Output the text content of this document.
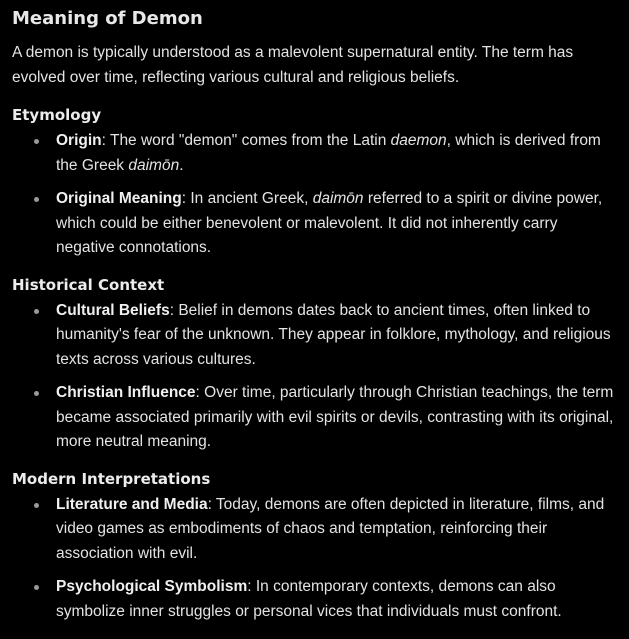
Meaning of Demon

A demon is typically understood as a malevolent supernatural entity. The term has evolved over time, reflecting various cultural and religious beliefs.

Etymology
Origin: The word "demon" comes from the Latin daemon, which is derived from the Greek daimōn.
Original Meaning: In ancient Greek, daimōn referred to a spirit or divine power, which could be either benevolent or malevolent. It did not inherently carry negative connotations.
Historical Context
Cultural Beliefs: Belief in demons dates back to ancient times, often linked to humanity's fear of the unknown. They appear in folklore, mythology, and religious texts across various cultures.
Christian Influence: Over time, particularly through Christian teachings, the term became associated primarily with evil spirits or devils, contrasting with its original, more neutral meaning.
Modern Interpretations
Literature and Media: Today, demons are often depicted in literature, films, and video games as embodiments of chaos and temptation, reinforcing their association with evil.
Psychological Symbolism: In contemporary contexts, demons can also symbolize inner struggles or personal vices that individuals must confront.
